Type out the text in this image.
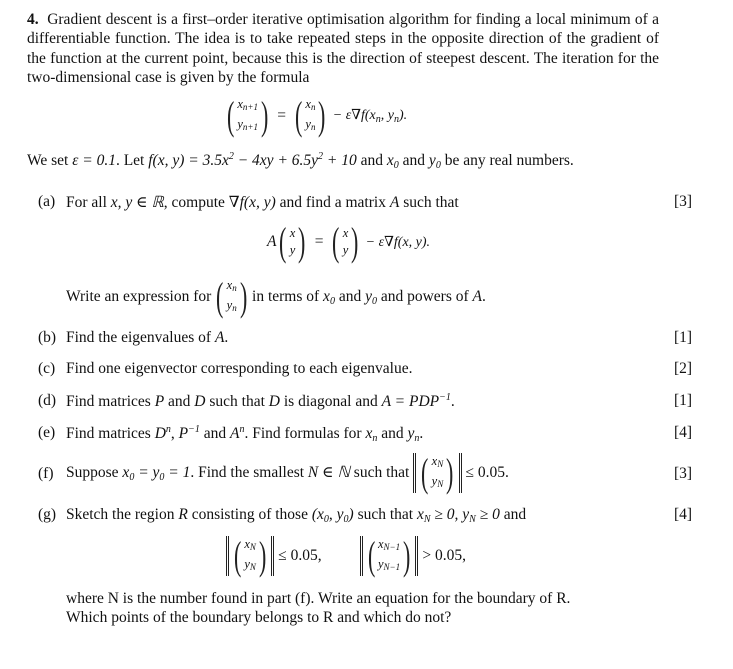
4. Gradient descent is a first–order iterative optimisation algorithm for finding a local minimum of a differentiable function. The idea is to take repeated steps in the opposite direction of the gradient of the function at the current point, because this is the direction of steepest descent. The iteration for the two-dimensional case is given by the formula
( $x_{n+1}$
$y_{n+1}$ ) = ( $x_n$
$y_n$ ) − $\varepsilon\nabla f(x_n$, $y_n$).
We set ε = 0.1. Let f(x, $y) = 3.5x^2 - 4xy + 6.5y^2 + 10$ and $x_0$ and $y_0$ be any real numbers.
(a) For all x, y ∈ ℝ, compute ∇f(x, y) and find a matrix A such that	[3]
A ( x
y ) = ( x
y ) − ε∇f(x, y).
Write an expression for ( $x_n$
$y_n$ ) in terms of $x_0$ and $y_0$ and powers of A.
(b) Find the eigenvalues of A.	[1]
(c) Find one eigenvector corresponding to each eigenvalue.	[2]
(d) Find matrices P and D such that D is diagonal and $A = PDP^{-1}$.	[1]
(e) Find matrices $D^n$, $P^{-1}$ and $A^n$. Find formulas for $x_n$ and $y_n$.	[4]
(f) Suppose $x_0 = y_0 = 1$. Find the smallest N ∈ ℕ such that ( $x_N$
$y_N$ ) ≤ 0.05.	[3]
(g) Sketch the region R consisting of those ($x_0$, $y_0$) such that $x_N \ge 0$, $y_N \ge 0$ and	[4]
( $x_N$
$y_N$ ) ≤ 0.05, ( $x_{N-1}$
$y_{N-1}$ ) > 0.05,
where N is the number found in part (f). Write an equation for the boundary of R.
Which points of the boundary belongs to R and which do not?
